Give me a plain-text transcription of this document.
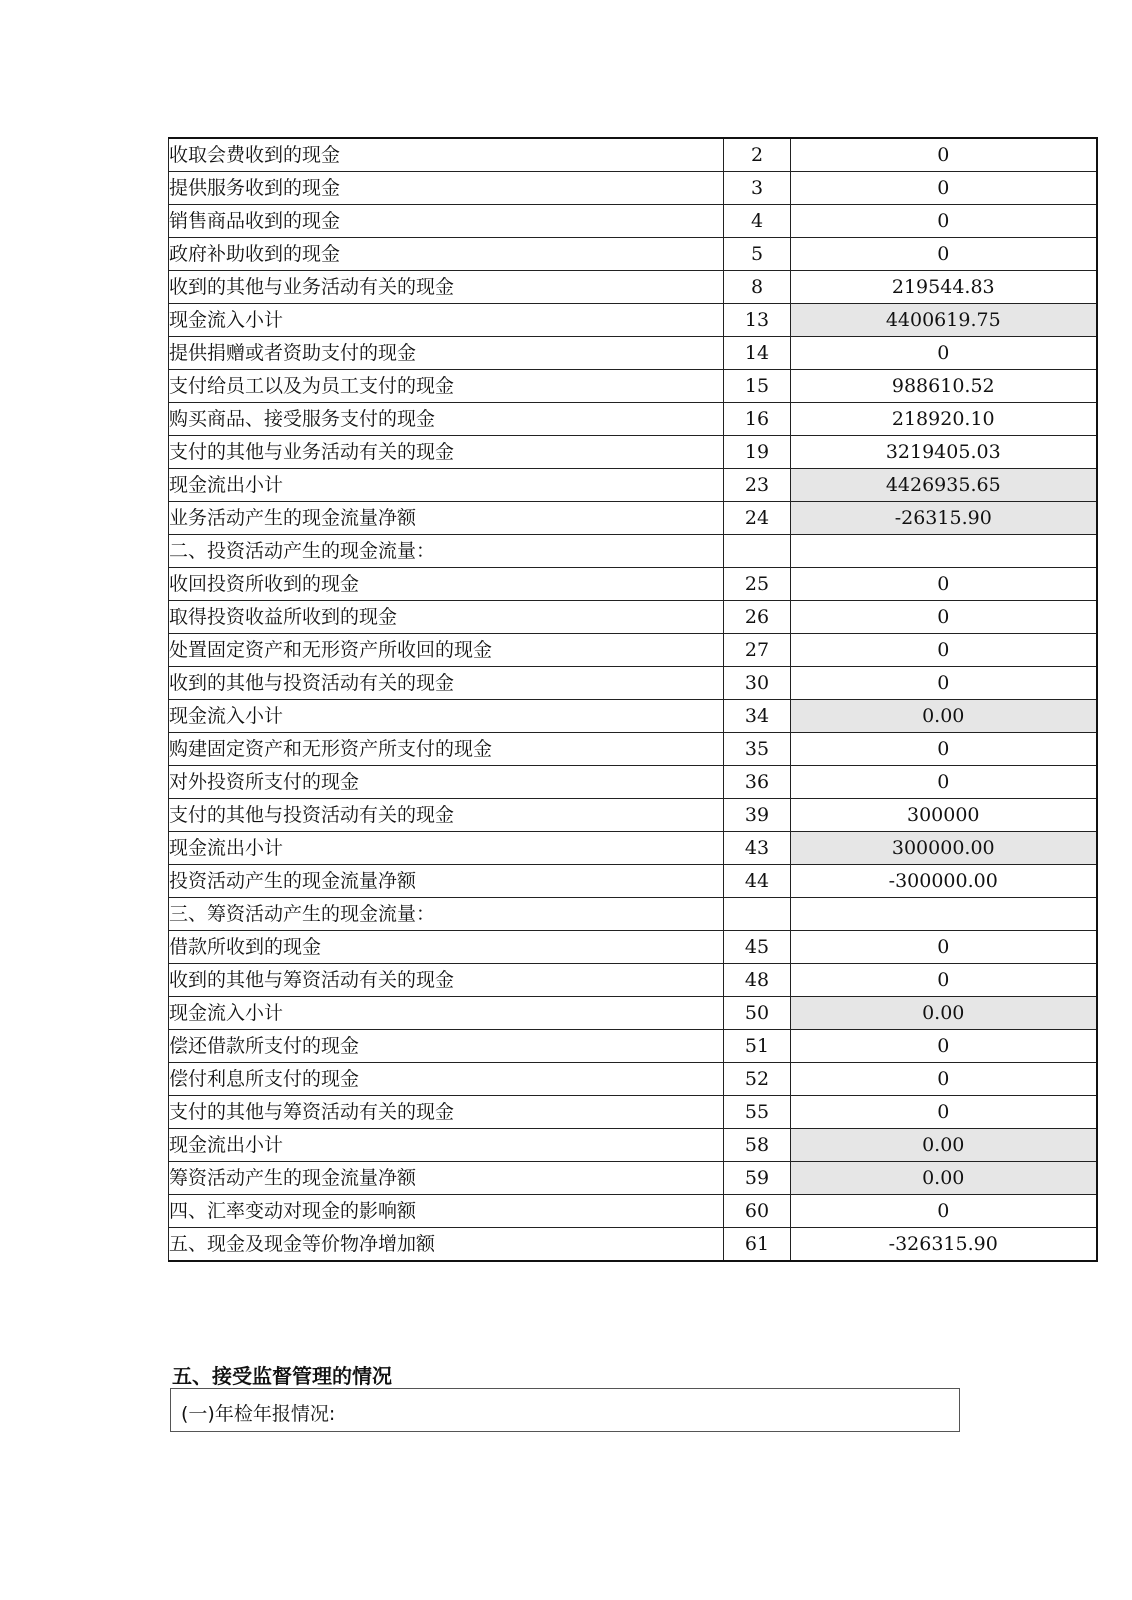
收取会费收到的现金	2	0
提供服务收到的现金	3	0
销售商品收到的现金	4	0
政府补助收到的现金	5	0
收到的其他与业务活动有关的现金	8	219544.83
现金流入小计	13	4400619.75
提供捐赠或者资助支付的现金	14	0
支付给员工以及为员工支付的现金	15	988610.52
购买商品、接受服务支付的现金	16	218920.10
支付的其他与业务活动有关的现金	19	3219405.03
现金流出小计	23	4426935.65
业务活动产生的现金流量净额	24	-26315.90
二、投资活动产生的现金流量：		
收回投资所收到的现金	25	0
取得投资收益所收到的现金	26	0
处置固定资产和无形资产所收回的现金	27	0
收到的其他与投资活动有关的现金	30	0
现金流入小计	34	0.00
购建固定资产和无形资产所支付的现金	35	0
对外投资所支付的现金	36	0
支付的其他与投资活动有关的现金	39	300000
现金流出小计	43	300000.00
投资活动产生的现金流量净额	44	-300000.00
三、筹资活动产生的现金流量：		
借款所收到的现金	45	0
收到的其他与筹资活动有关的现金	48	0
现金流入小计	50	0.00
偿还借款所支付的现金	51	0
偿付利息所支付的现金	52	0
支付的其他与筹资活动有关的现金	55	0
现金流出小计	58	0.00
筹资活动产生的现金流量净额	59	0.00
四、汇率变动对现金的影响额	60	0
五、现金及现金等价物净增加额	61	-326315.90
五、接受监督管理的情况
(一)年检年报情况:
